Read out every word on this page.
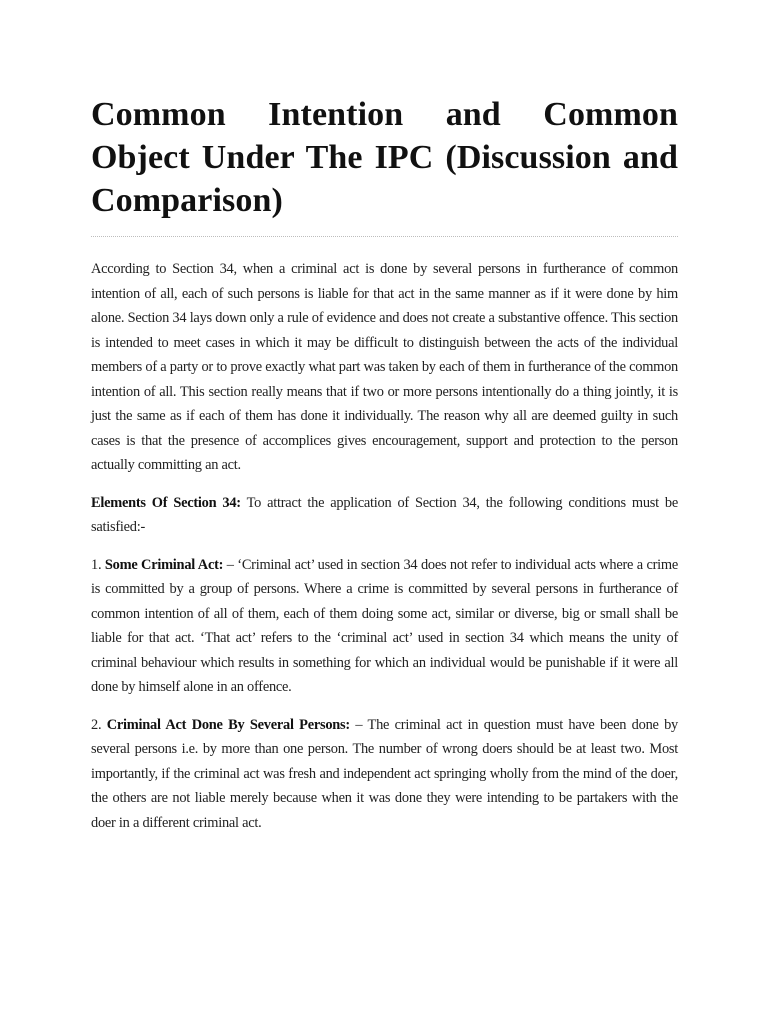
Common Intention and Common Object Under The IPC (Discussion and Comparison)

According to Section 34, when a criminal act is done by several persons in furtherance of common intention of all, each of such persons is liable for that act in the same manner as if it were done by him alone. Section 34 lays down only a rule of evidence and does not create a substantive offence. This section is intended to meet cases in which it may be difficult to distinguish between the acts of the individual members of a party or to prove exactly what part was taken by each of them in furtherance of the common intention of all. This section really means that if two or more persons intentionally do a thing jointly, it is just the same as if each of them has done it individually. The reason why all are deemed guilty in such cases is that the presence of accomplices gives encouragement, support and protection to the person actually committing an act.

Elements Of Section 34: To attract the application of Section 34, the following conditions must be satisfied:-

1. Some Criminal Act: – ‘Criminal act’ used in section 34 does not refer to individual acts where a crime is committed by a group of persons. Where a crime is committed by several persons in furtherance of common intention of all of them, each of them doing some act, similar or diverse, big or small shall be liable for that act. ‘That act’ refers to the ‘criminal act’ used in section 34 which means the unity of criminal behaviour which results in something for which an individual would be punishable if it were all done by himself alone in an offence.

2. Criminal Act Done By Several Persons: – The criminal act in question must have been done by several persons i.e. by more than one person. The number of wrong doers should be at least two. Most importantly, if the criminal act was fresh and independent act springing wholly from the mind of the doer, the others are not liable merely because when it was done they were intending to be partakers with the doer in a different criminal act.
